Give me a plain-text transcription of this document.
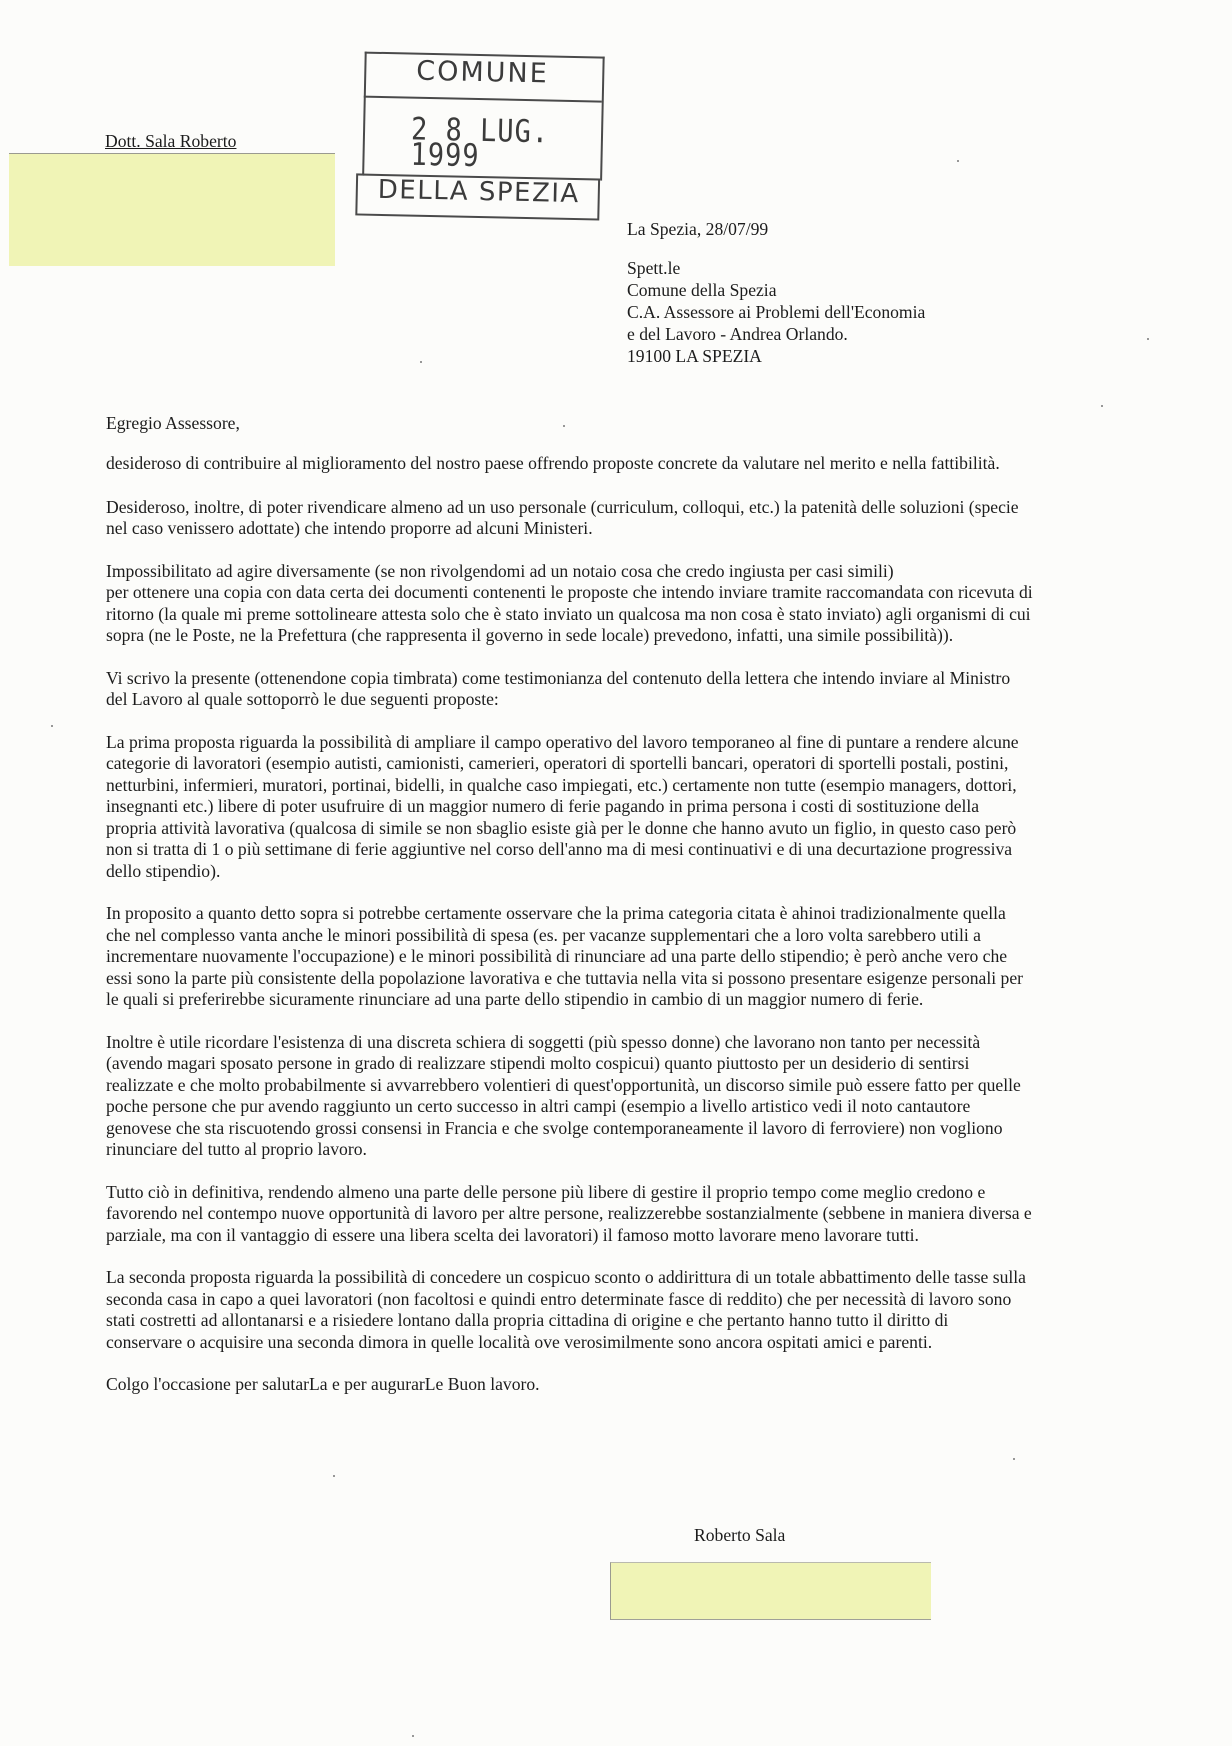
Dott. Sala Roberto
COMUNE
2 8 LUG. 1999
DELLA SPEZIA
La Spezia, 28/07/99
Spett.le
Comune della Spezia
C.A. Assessore ai Problemi dell'Economia
e del Lavoro - Andrea Orlando.
19100 LA SPEZIA
Egregio Assessore,
desideroso di contribuire al miglioramento del nostro paese offrendo proposte concrete da valutare nel merito e nella fattibilità.
Desideroso, inoltre, di poter rivendicare almeno ad un uso personale (curriculum, colloqui, etc.) la patenità delle soluzioni (specie
nel caso venissero adottate) che intendo proporre ad alcuni Ministeri.
Impossibilitato ad agire diversamente (se non rivolgendomi ad un notaio cosa che credo ingiusta per casi simili)
per ottenere una copia con data certa dei documenti contenenti le proposte che intendo inviare tramite raccomandata con ricevuta di
ritorno (la quale mi preme sottolineare attesta solo che è stato inviato un qualcosa ma non cosa è stato inviato) agli organismi di cui
sopra (ne le Poste, ne la Prefettura (che rappresenta il governo in sede locale) prevedono, infatti, una simile possibilità)).
Vi scrivo la presente (ottenendone copia timbrata) come testimonianza del contenuto della lettera che intendo inviare al Ministro
del Lavoro al quale sottoporrò le due seguenti proposte:
La prima proposta riguarda la possibilità di ampliare il campo operativo del lavoro temporaneo al fine di puntare a rendere alcune
categorie di lavoratori (esempio autisti, camionisti, camerieri, operatori di sportelli bancari, operatori di sportelli postali, postini,
netturbini, infermieri, muratori, portinai, bidelli, in qualche caso impiegati, etc.) certamente non tutte (esempio managers, dottori,
insegnanti etc.) libere di poter usufruire di un maggior numero di ferie pagando in prima persona i costi di sostituzione della
propria attività lavorativa (qualcosa di simile se non sbaglio esiste già per le donne che hanno avuto un figlio, in questo caso però
non si tratta di 1 o più settimane di ferie aggiuntive nel corso dell'anno ma di mesi continuativi e di una decurtazione progressiva
dello stipendio).
In proposito a quanto detto sopra si potrebbe certamente osservare che la prima categoria citata è ahinoi tradizionalmente quella
che nel complesso vanta anche le minori possibilità di spesa (es. per vacanze supplementari che a loro volta sarebbero utili a
incrementare nuovamente l'occupazione) e le minori possibilità di rinunciare ad una parte dello stipendio; è però anche vero che
essi sono la parte più consistente della popolazione lavorativa e che tuttavia nella vita si possono presentare esigenze personali per
le quali si preferirebbe sicuramente rinunciare ad una parte dello stipendio in cambio di un maggior numero di ferie.
Inoltre è utile ricordare l'esistenza di una discreta schiera di soggetti (più spesso donne) che lavorano non tanto per necessità
(avendo magari sposato persone in grado di realizzare stipendi molto cospicui) quanto piuttosto per un desiderio di sentirsi
realizzate e che molto probabilmente si avvarrebbero volentieri di quest'opportunità, un discorso simile può essere fatto per quelle
poche persone che pur avendo raggiunto un certo successo in altri campi (esempio a livello artistico vedi il noto cantautore
genovese che sta riscuotendo grossi consensi in Francia e che svolge contemporaneamente il lavoro di ferroviere) non vogliono
rinunciare del tutto al proprio lavoro.
Tutto ciò in definitiva, rendendo almeno una parte delle persone più libere di gestire il proprio tempo come meglio credono e
favorendo nel contempo nuove opportunità di lavoro per altre persone, realizzerebbe sostanzialmente (sebbene in maniera diversa e
parziale, ma con il vantaggio di essere una libera scelta dei lavoratori) il famoso motto lavorare meno lavorare tutti.
La seconda proposta riguarda la possibilità di concedere un cospicuo sconto o addirittura di un totale abbattimento delle tasse sulla
seconda casa in capo a quei lavoratori (non facoltosi e quindi entro determinate fasce di reddito) che per necessità di lavoro sono
stati costretti ad allontanarsi e a risiedere lontano dalla propria cittadina di origine e che pertanto hanno tutto il diritto di
conservare o acquisire una seconda dimora in quelle località ove verosimilmente sono ancora ospitati amici e parenti.
Colgo l'occasione per salutarLa e per augurarLe Buon lavoro.
Roberto Sala
